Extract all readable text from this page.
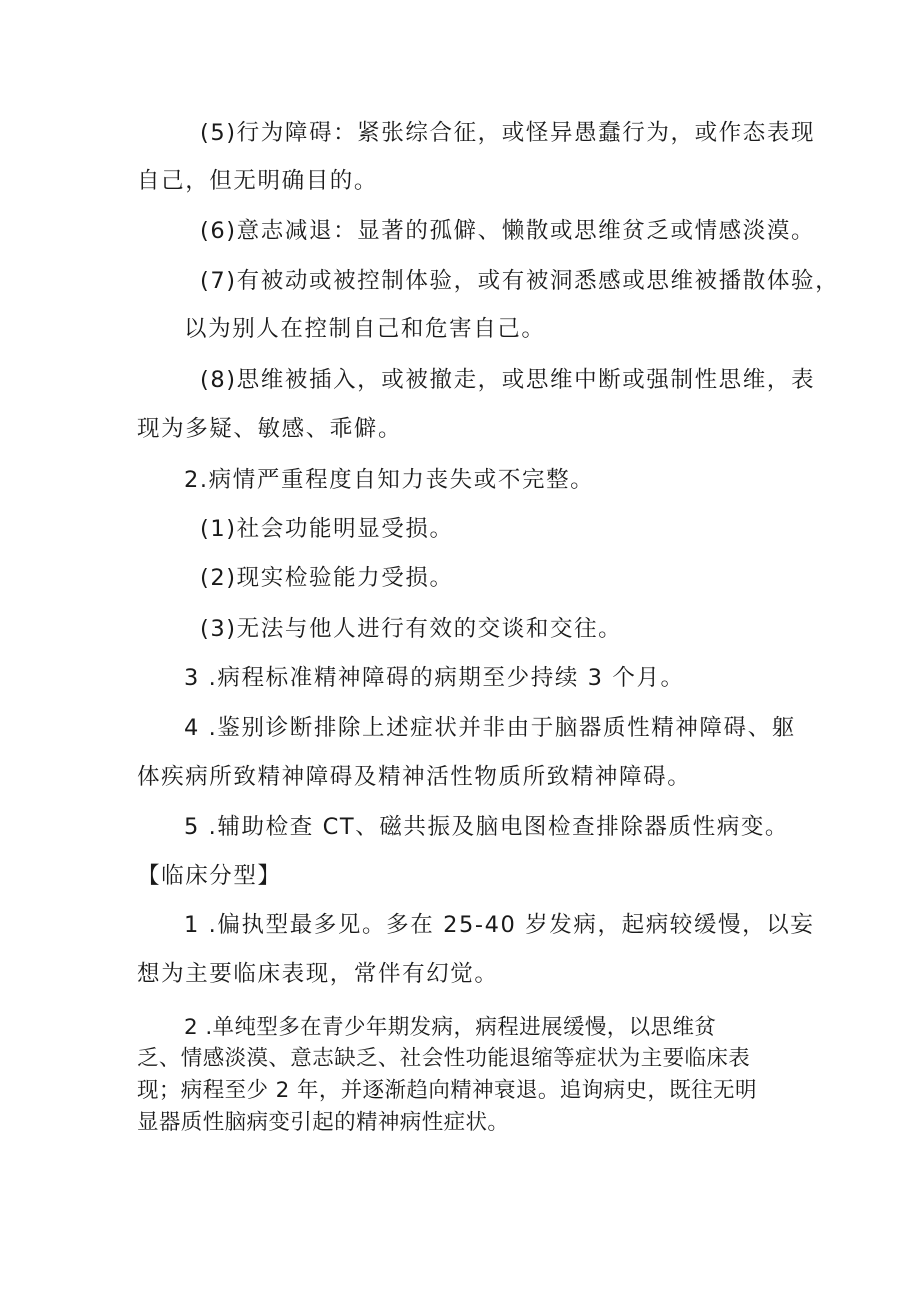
(5)行为障碍：紧张综合征，或怪异愚蠢行为，或作态表现
自己，但无明确目的。
(6)意志减退：显著的孤僻、懒散或思维贫乏或情感淡漠。
(7)有被动或被控制体验，或有被洞悉感或思维被播散体验，
以为别人在控制自己和危害自己。
(8)思维被插入，或被撤走，或思维中断或强制性思维，表
现为多疑、敏感、乖僻。
2.病情严重程度自知力丧失或不完整。
(1)社会功能明显受损。
(2)现实检验能力受损。
(3)无法与他人进行有效的交谈和交往。
3 .病程标准精神障碍的病期至少持续 3 个月。
4 .鉴别诊断排除上述症状并非由于脑器质性精神障碍、躯
体疾病所致精神障碍及精神活性物质所致精神障碍。
5 .辅助检查 CT、磁共振及脑电图检查排除器质性病变。
【临床分型】
1 .偏执型最多见。多在 25-40 岁发病，起病较缓慢，以妄
想为主要临床表现，常伴有幻觉。
2 .单纯型多在青少年期发病，病程进展缓慢，以思维贫
乏、情感淡漠、意志缺乏、社会性功能退缩等症状为主要临床表
现；病程至少 2 年，并逐渐趋向精神衰退。追询病史，既往无明
显器质性脑病变引起的精神病性症状。
